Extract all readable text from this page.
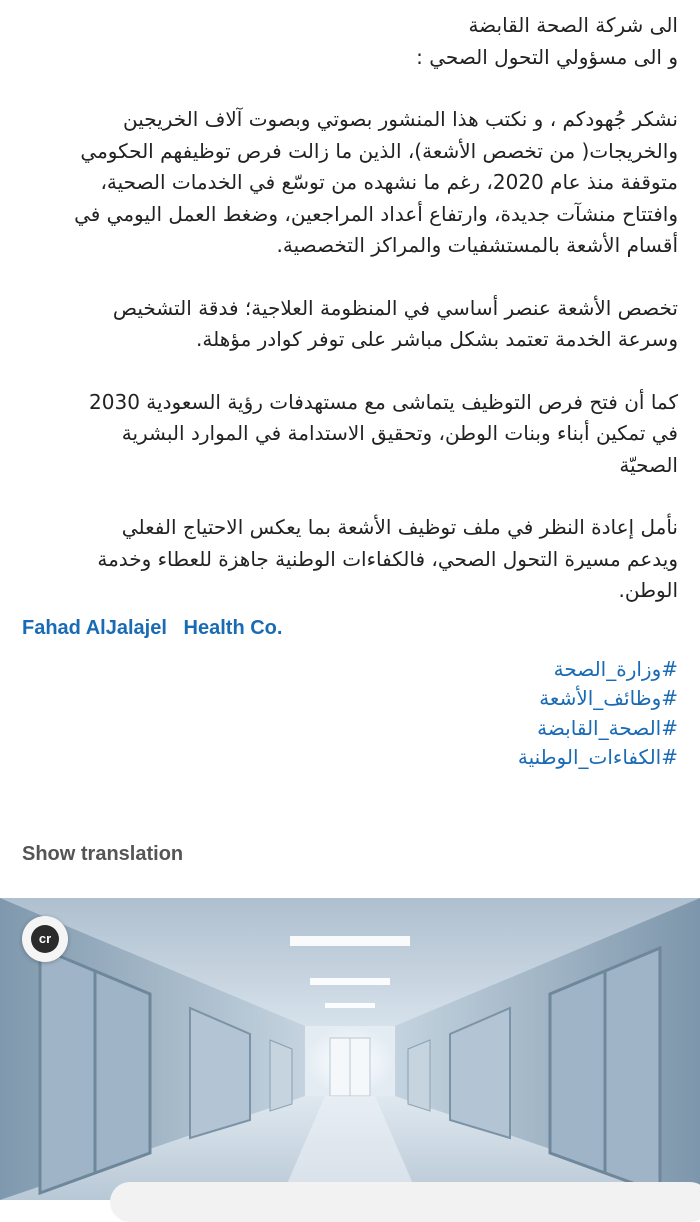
الى شركة الصحة القابضة
و الى مسؤولي التحول الصحي :
نشكر جُهودكم ، و نكتب هذا المنشور بصوتي وبصوت آلاف الخريجين
والخريجات( من تخصص الأشعة)، الذين ما زالت فرص توظيفهم الحكومي
متوقفة منذ عام 2020، رغم ما نشهده من توسّع في الخدمات الصحية،
وافتتاح منشآت جديدة، وارتفاع أعداد المراجعين، وضغط العمل اليومي في
أقسام الأشعة بالمستشفيات والمراكز التخصصية.
تخصص الأشعة عنصر أساسي في المنظومة العلاجية؛ فدقة التشخيص
وسرعة الخدمة تعتمد بشكل مباشر على توفر كوادر مؤهلة.
كما أن فتح فرص التوظيف يتماشى مع مستهدفات رؤية السعودية 2030
في تمكين أبناء وبنات الوطن، وتحقيق الاستدامة في الموارد البشرية
الصحيّة
نأمل إعادة النظر في ملف توظيف الأشعة بما يعكس الاحتياج الفعلي
ويدعم مسيرة التحول الصحي، فالكفاءات الوطنية جاهزة للعطاء وخدمة
الوطن.
Fahad AlJalajel Health Co.
#وزارة_الصحة
#وظائف_الأشعة
#الصحة_القابضة
#الكفاءات_الوطنية
Show translation
cr
